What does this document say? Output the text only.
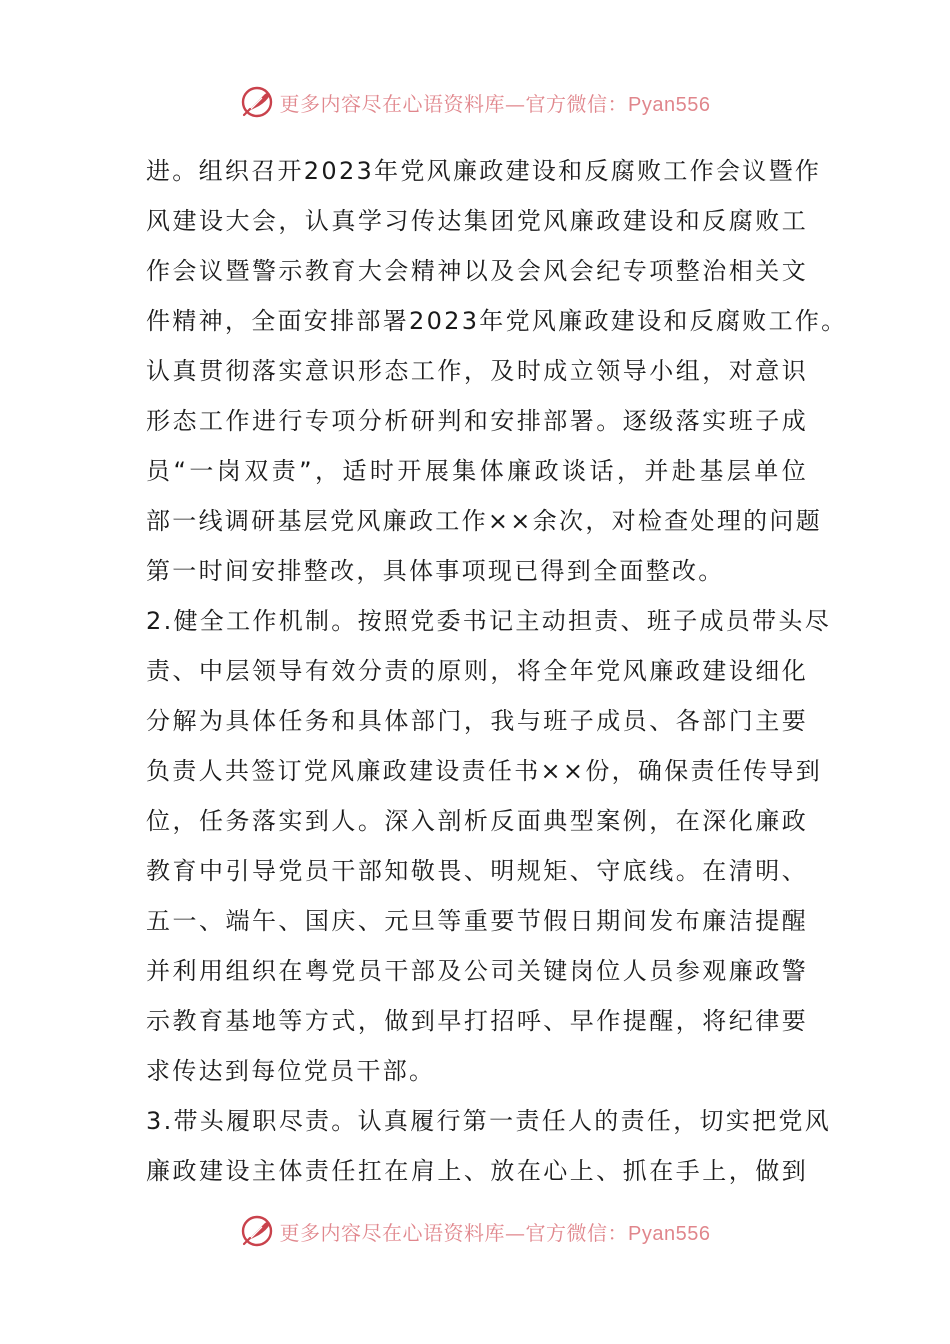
更多内容尽在心语资料库—官方微信：Pyan556
进。组织召开2023年党风廉政建设和反腐败工作会议暨作
风建设大会，认真学习传达集团党风廉政建设和反腐败工
作会议暨警示教育大会精神以及会风会纪专项整治相关文
件精神，全面安排部署2023年党风廉政建设和反腐败工作。
认真贯彻落实意识形态工作，及时成立领导小组，对意识
形态工作进行专项分析研判和安排部署。逐级落实班子成
员“一岗双责”，适时开展集体廉政谈话，并赴基层单位
部一线调研基层党风廉政工作××余次，对检查处理的问题
第一时间安排整改，具体事项现已得到全面整改。
2.健全工作机制。按照党委书记主动担责、班子成员带头尽
责、中层领导有效分责的原则，将全年党风廉政建设细化
分解为具体任务和具体部门，我与班子成员、各部门主要
负责人共签订党风廉政建设责任书××份，确保责任传导到
位，任务落实到人。深入剖析反面典型案例，在深化廉政
教育中引导党员干部知敬畏、明规矩、守底线。在清明、
五一、端午、国庆、元旦等重要节假日期间发布廉洁提醒
并利用组织在粤党员干部及公司关键岗位人员参观廉政警
示教育基地等方式，做到早打招呼、早作提醒，将纪律要
求传达到每位党员干部。
3.带头履职尽责。认真履行第一责任人的责任，切实把党风
廉政建设主体责任扛在肩上、放在心上、抓在手上，做到
更多内容尽在心语资料库—官方微信：Pyan556
